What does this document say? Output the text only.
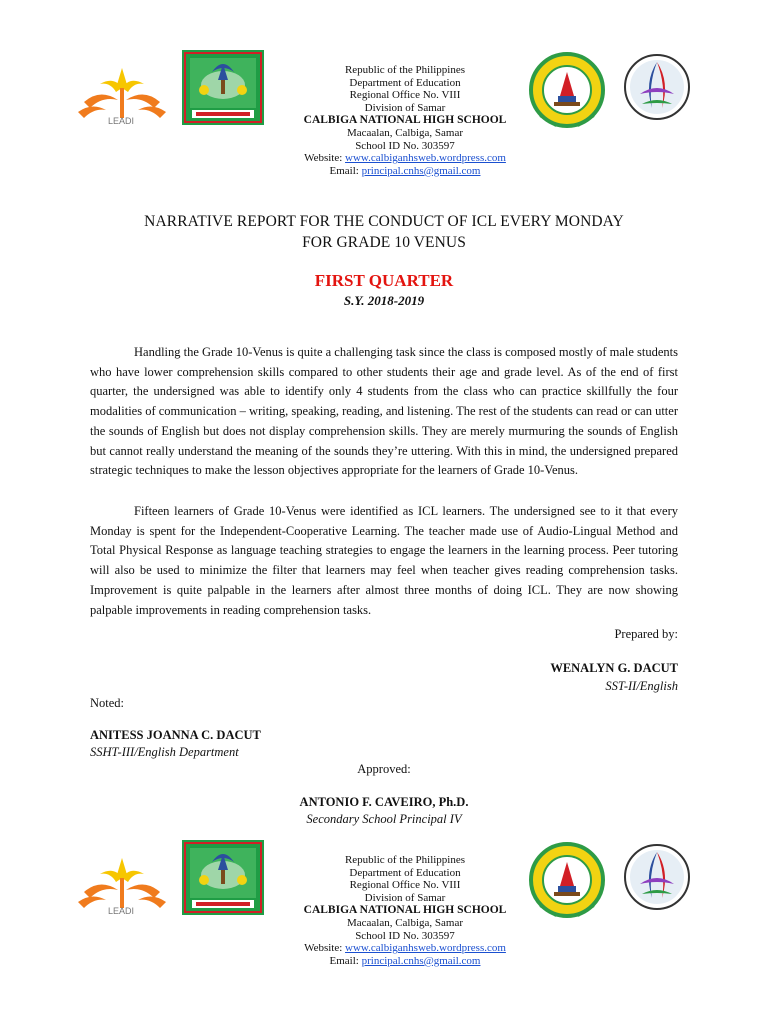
LEADI
Republic of the Philippines
Department of Education
Regional Office No. VIII
Division of Samar
CALBIGA NATIONAL HIGH SCHOOL
Macaalan, Calbiga, Samar
School ID No. 303597
Website: www.calbiganhsweb.wordpress.com
Email: principal.cnhs@gmail.com
NARRATIVE REPORT FOR THE CONDUCT OF ICL EVERY MONDAY
FOR GRADE 10 VENUS
FIRST QUARTER
S.Y. 2018-2019

Handling the Grade 10-Venus is quite a challenging task since the class is composed mostly of male students who have lower comprehension skills compared to other students their age and grade level. As of the end of first quarter, the undersigned was able to identify only 4 students from the class who can practice skillfully the four modalities of communication – writing, speaking, reading, and listening. The rest of the students can read or can utter the sounds of English but does not display comprehension skills. They are merely murmuring the sounds of English but cannot really understand the meaning of the sounds they’re uttering. With this in mind, the undersigned prepared strategic techniques to make the lesson objectives appropriate for the learners of Grade 10-Venus.

Fifteen learners of Grade 10-Venus were identified as ICL learners. The undersigned see to it that every Monday is spent for the Independent-Cooperative Learning. The teacher made use of Audio-Lingual Method and Total Physical Response as language teaching strategies to engage the learners in the learning process. Peer tutoring will also be used to minimize the filter that learners may feel when teacher gives reading comprehension tasks. Improvement is quite palpable in the learners after almost three months of doing ICL. They are now showing palpable improvements in reading comprehension tasks.

Prepared by:
WENALYN G. DACUT
SST-II/English
Noted:
ANITESS JOANNA C. DACUT
SSHT-III/English Department
Approved:
ANTONIO F. CAVEIRO, Ph.D.
Secondary School Principal IV
LEADI
Republic of the Philippines
Department of Education
Regional Office No. VIII
Division of Samar
CALBIGA NATIONAL HIGH SCHOOL
Macaalan, Calbiga, Samar
School ID No. 303597
Website: www.calbiganhsweb.wordpress.com
Email: principal.cnhs@gmail.com
